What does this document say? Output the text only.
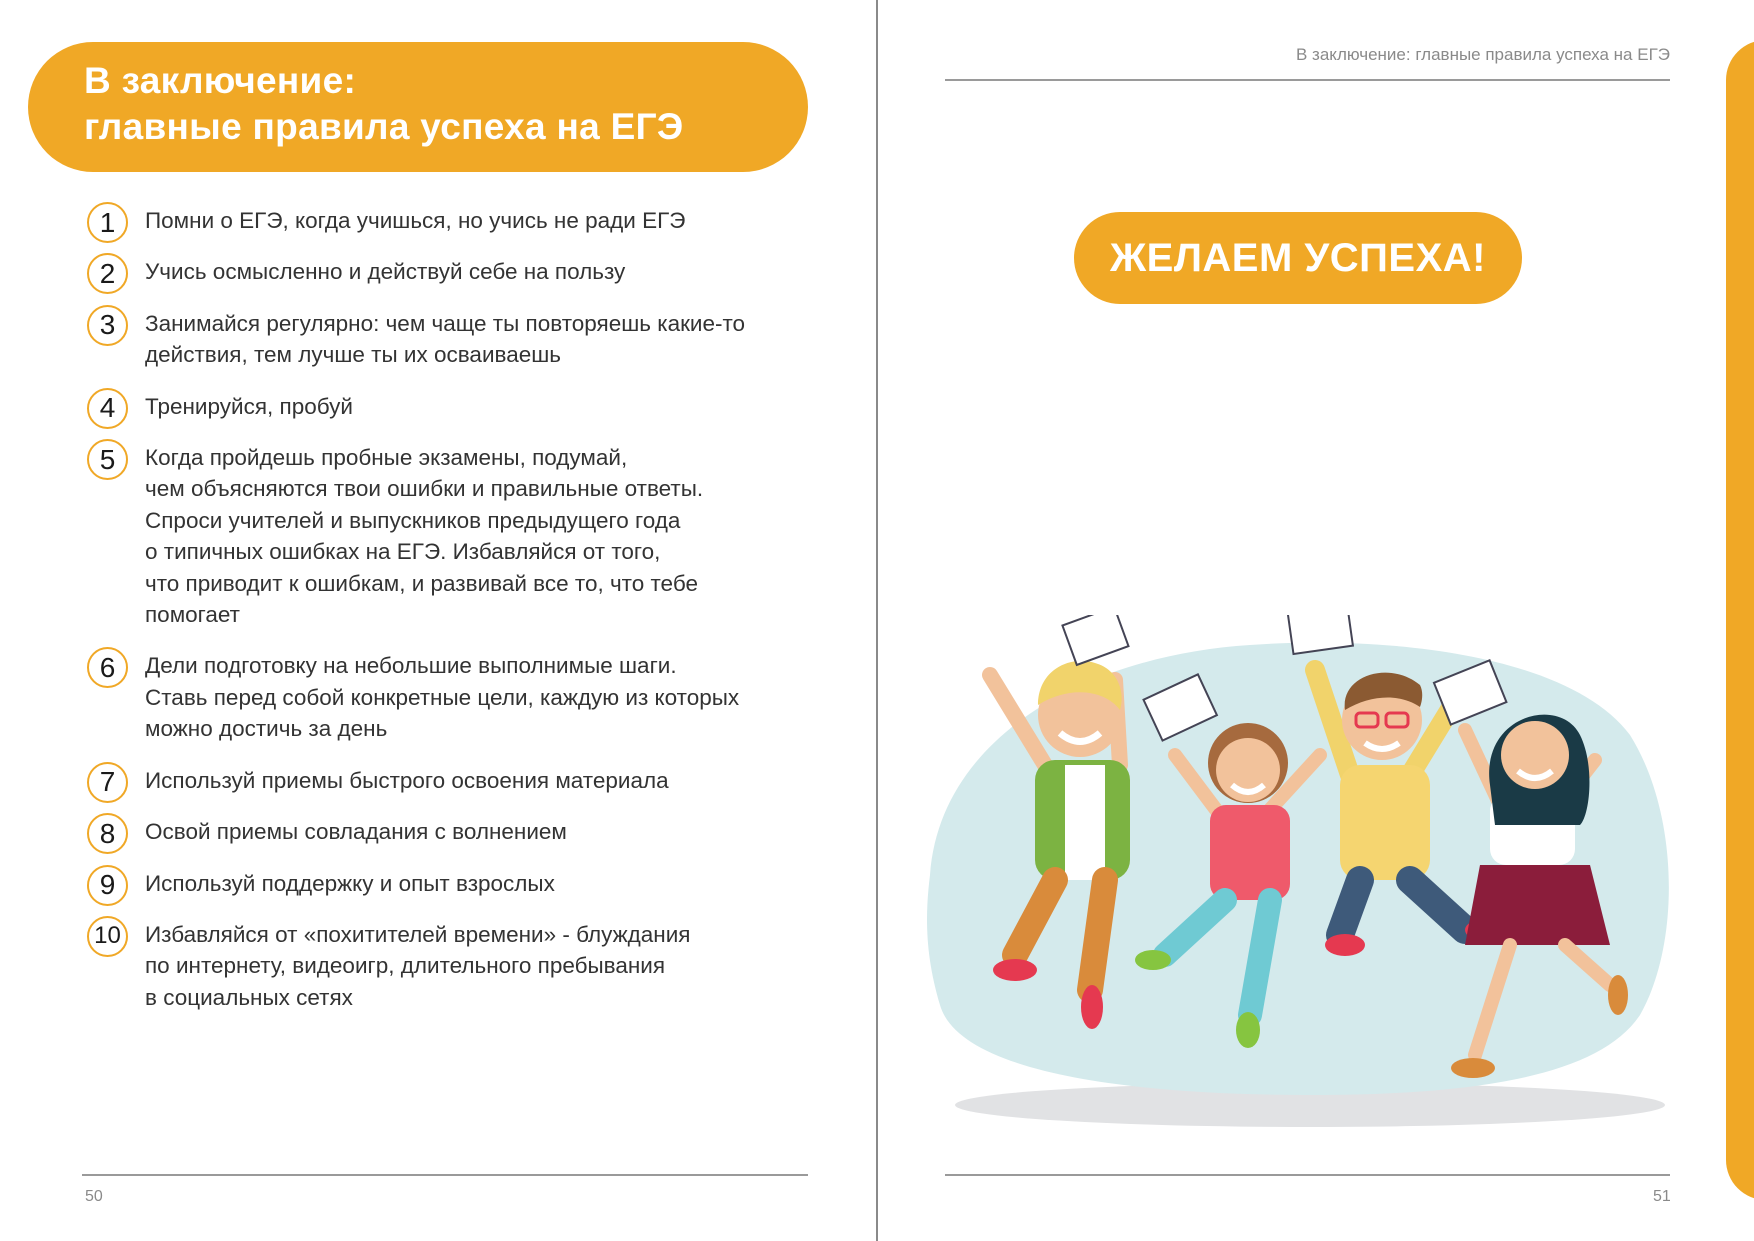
В заключение:
главные правила успеха на ЕГЭ
1	Помни о ЕГЭ, когда учишься, но учись не ради ЕГЭ
2	Учись осмысленно и действуй себе на пользу
3	Занимайся регулярно: чем чаще ты повторяешь какие-то
действия, тем лучше ты их осваиваешь
4	Тренируйся, пробуй
5	Когда пройдешь пробные экзамены, подумай,
чем объясняются твои ошибки и правильные ответы.
Спроси учителей и выпускников предыдущего года
о типичных ошибках на ЕГЭ. Избавляйся от того,
что приводит к ошибкам, и развивай все то, что тебе
помогает
6	Дели подготовку на небольшие выполнимые шаги.
Ставь перед собой конкретные цели, каждую из которых
можно достичь за день
7	Используй приемы быстрого освоения материала
8	Освой приемы совладания с волнением
9	Используй поддержку и опыт взрослых
10	Избавляйся от «похитителей времени» - блуждания
по интернету, видеоигр, длительного пребывания
в социальных сетях
50
В заключение: главные правила успеха на ЕГЭ
ЖЕЛАЕМ УСПЕХА!
51
